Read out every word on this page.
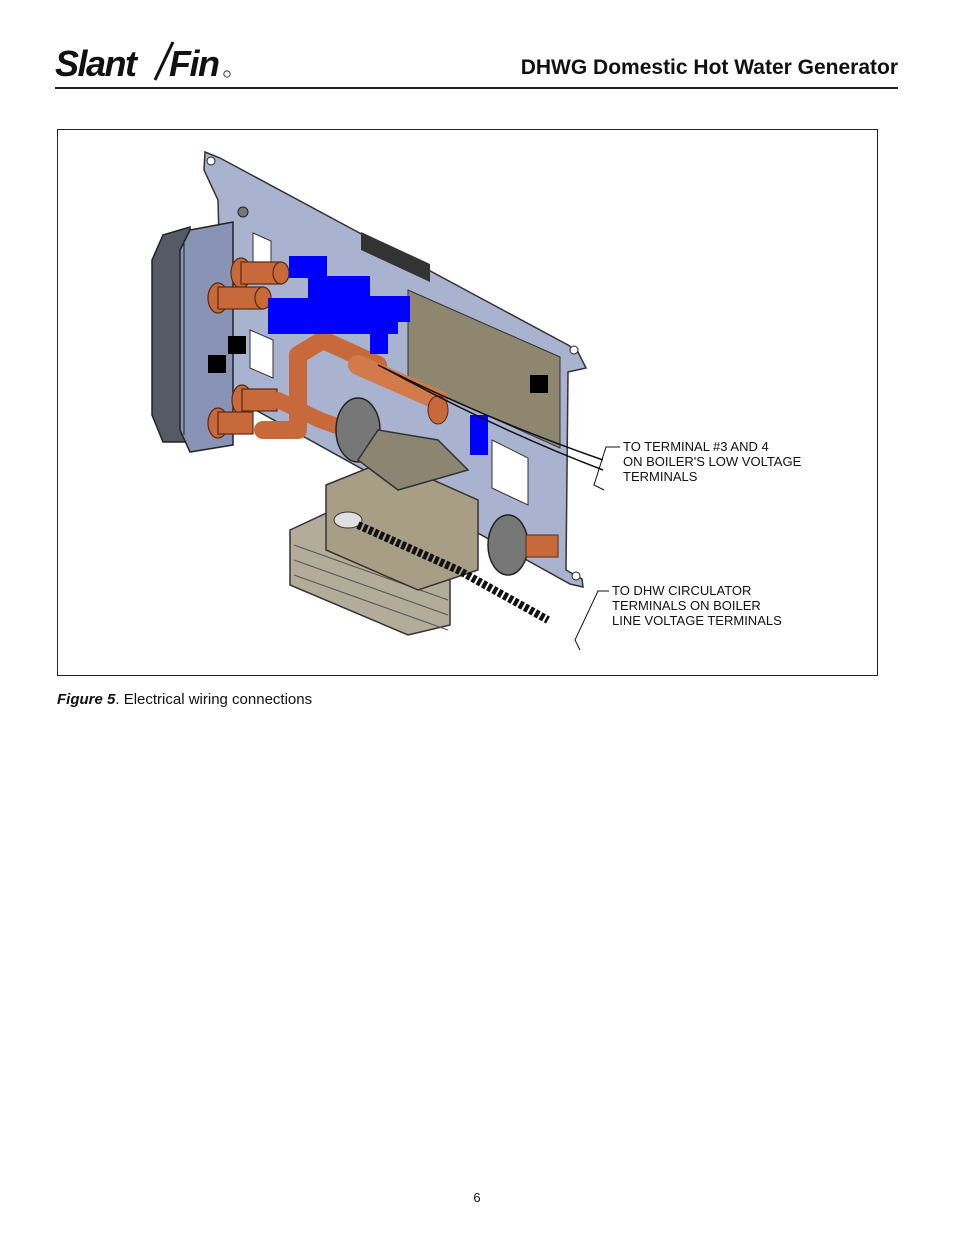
Slant Fin	DHWG Domestic Hot Water Generator
TO TERMINAL #3 AND 4
ON BOILER'S LOW VOLTAGE
TERMINALS
TO DHW CIRCULATOR
TERMINALS ON BOILER
LINE VOLTAGE TERMINALS
Figure 5. Electrical wiring connections
6
